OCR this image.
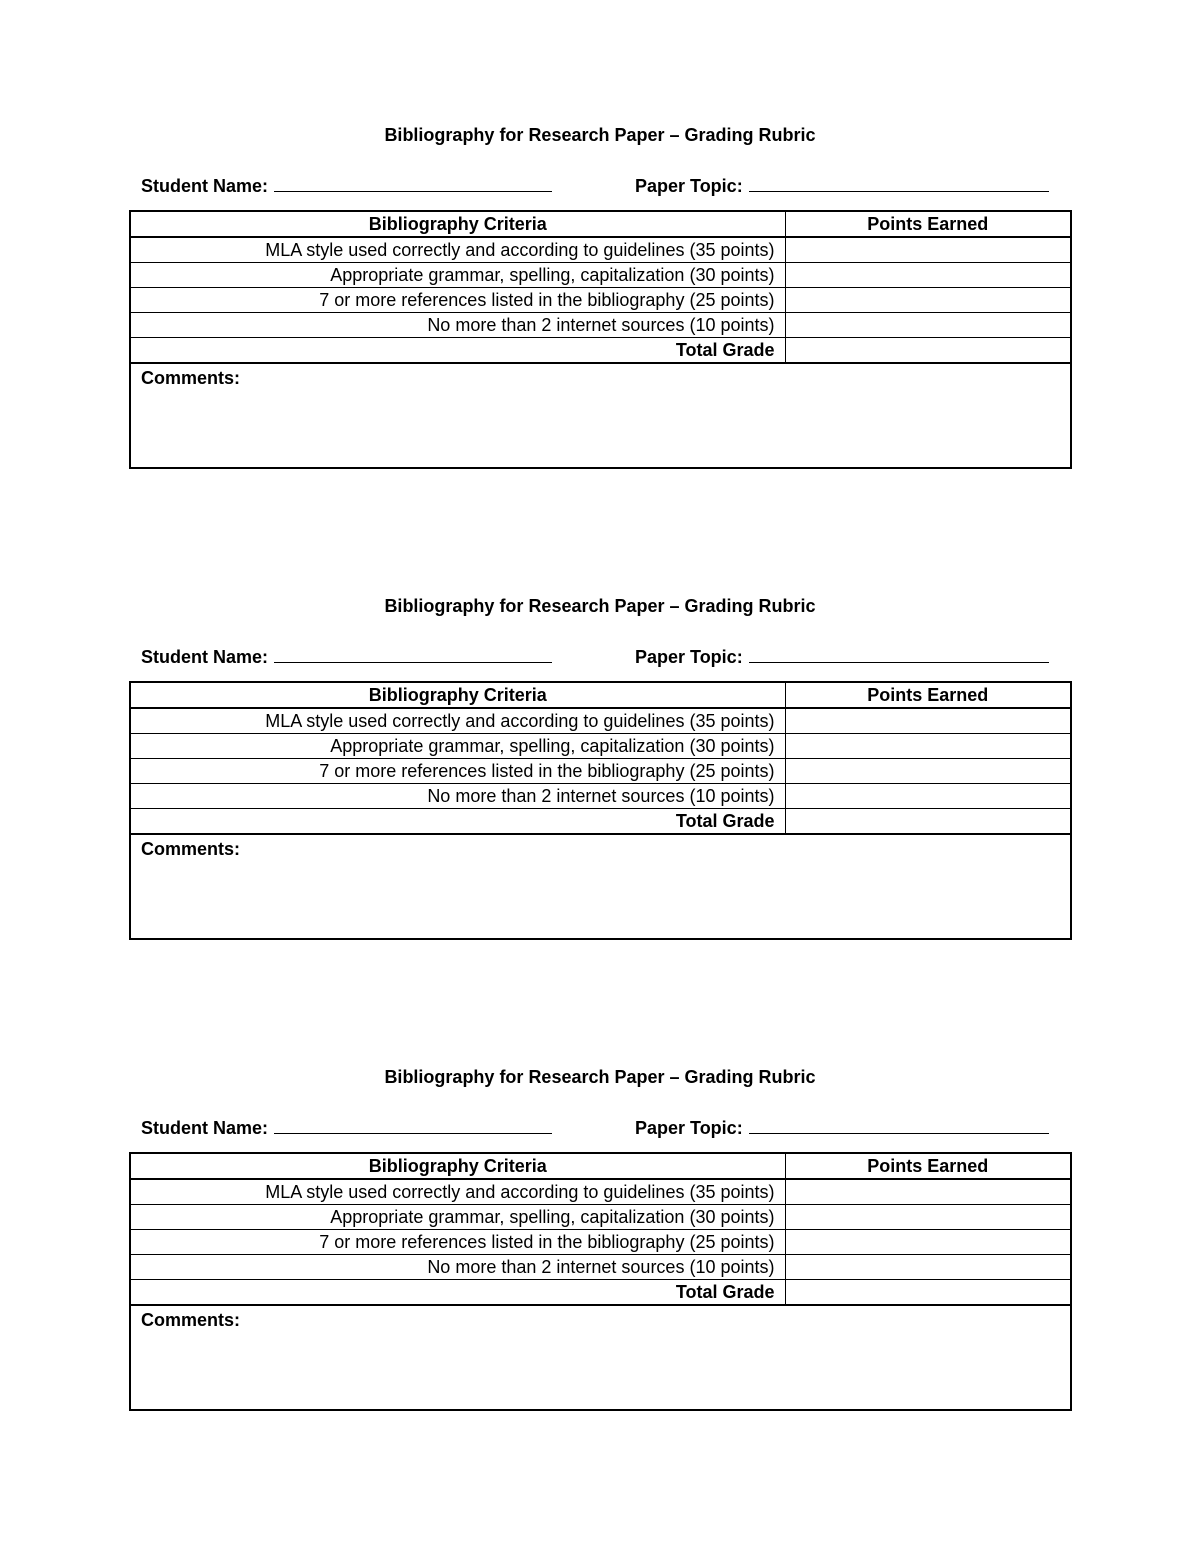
Bibliography for Research Paper – Grading Rubric
Student Name:	Paper Topic:
Bibliography Criteria	Points Earned
MLA style used correctly and according to guidelines (35 points)	
Appropriate grammar, spelling, capitalization (30 points)	
7 or more references listed in the bibliography (25 points)	
No more than 2 internet sources (10 points)	
Total Grade	
Comments:	
Bibliography for Research Paper – Grading Rubric
Student Name:	Paper Topic:
Bibliography Criteria	Points Earned
MLA style used correctly and according to guidelines (35 points)	
Appropriate grammar, spelling, capitalization (30 points)	
7 or more references listed in the bibliography (25 points)	
No more than 2 internet sources (10 points)	
Total Grade	
Comments:	
Bibliography for Research Paper – Grading Rubric
Student Name:	Paper Topic:
Bibliography Criteria	Points Earned
MLA style used correctly and according to guidelines (35 points)	
Appropriate grammar, spelling, capitalization (30 points)	
7 or more references listed in the bibliography (25 points)	
No more than 2 internet sources (10 points)	
Total Grade	
Comments:	
